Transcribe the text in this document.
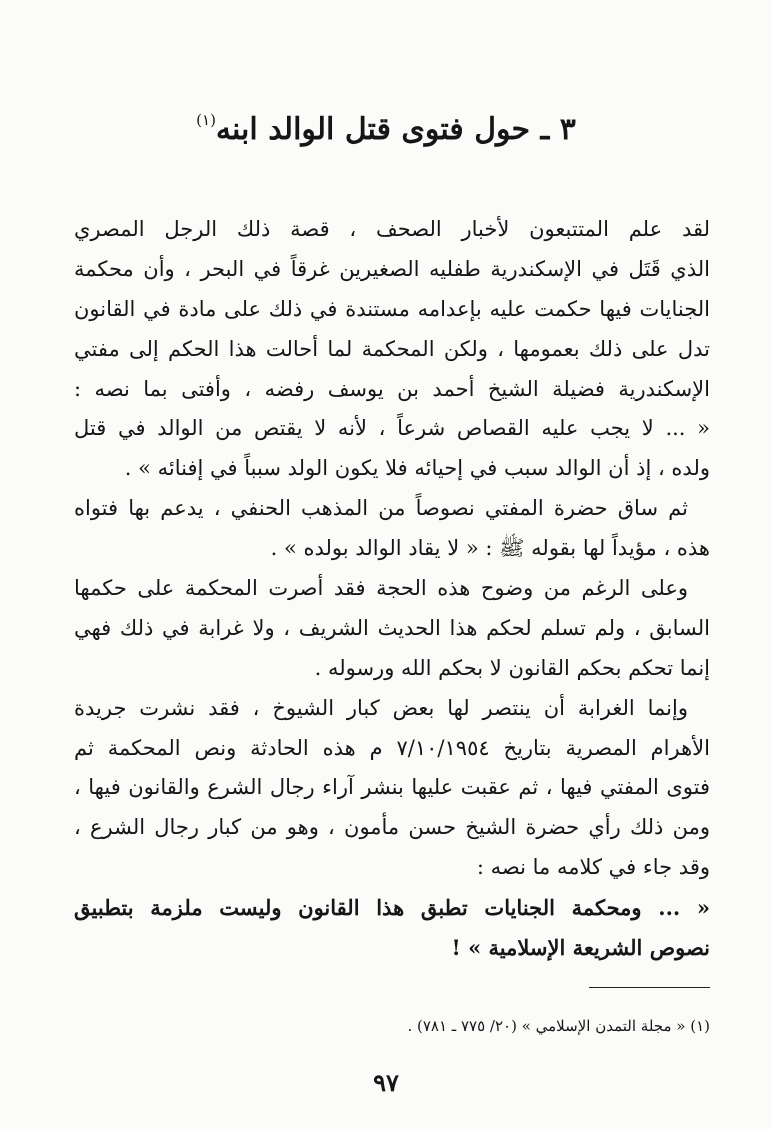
٣ ـ حول فتوى قتل الوالد ابنه$^{(١)}$
لقد علم المتتبعون لأخبار الصحف ، قصة ذلك الرجل المصري
الذي قَتَل في الإسكندرية طفليه الصغيرين غرقاً في البحر ، وأن محكمة
الجنايات فيها حكمت عليه بإعدامه مستندة في ذلك على مادة في القانون
تدل على ذلك بعمومها ، ولكن المحكمة لما أحالت هذا الحكم إلى مفتي
الإسكندرية فضيلة الشيخ أحمد بن يوسف رفضه ، وأفتى بما نصه :
« ... لا يجب عليه القصاص شرعاً ، لأنه لا يقتص من الوالد في قتل
ولده ، إذ أن الوالد سبب في إحيائه فلا يكون الولد سبباً في إفنائه » .
ثم ساق حضرة المفتي نصوصاً من المذهب الحنفي ، يدعم بها فتواه
هذه ، مؤيداً لها بقوله ﷺ : « لا يقاد الوالد بولده » .
وعلى الرغم من وضوح هذه الحجة فقد أصرت المحكمة على حكمها
السابق ، ولم تسلم لحكم هذا الحديث الشريف ، ولا غرابة في ذلك فهي
إنما تحكم بحكم القانون لا بحكم الله ورسوله .
وإنما الغرابة أن ينتصر لها بعض كبار الشيوخ ، فقد نشرت جريدة
الأهرام المصرية بتاريخ ٧/١٠/١٩٥٤ م هذه الحادثة ونص المحكمة ثم
فتوى المفتي فيها ، ثم عقبت عليها بنشر آراء رجال الشرع والقانون فيها ،
ومن ذلك رأي حضرة الشيخ حسن مأمون ، وهو من كبار رجال الشرع ،
وقد جاء في كلامه ما نصه :
« ... ومحكمة الجنايات تطبق هذا القانون وليست ملزمة بتطبيق
نصوص الشريعة الإسلامية » !
(١) « مجلة التمدن الإسلامي » (٢٠/ ٧٧٥ ـ ٧٨١) .
٩٧
